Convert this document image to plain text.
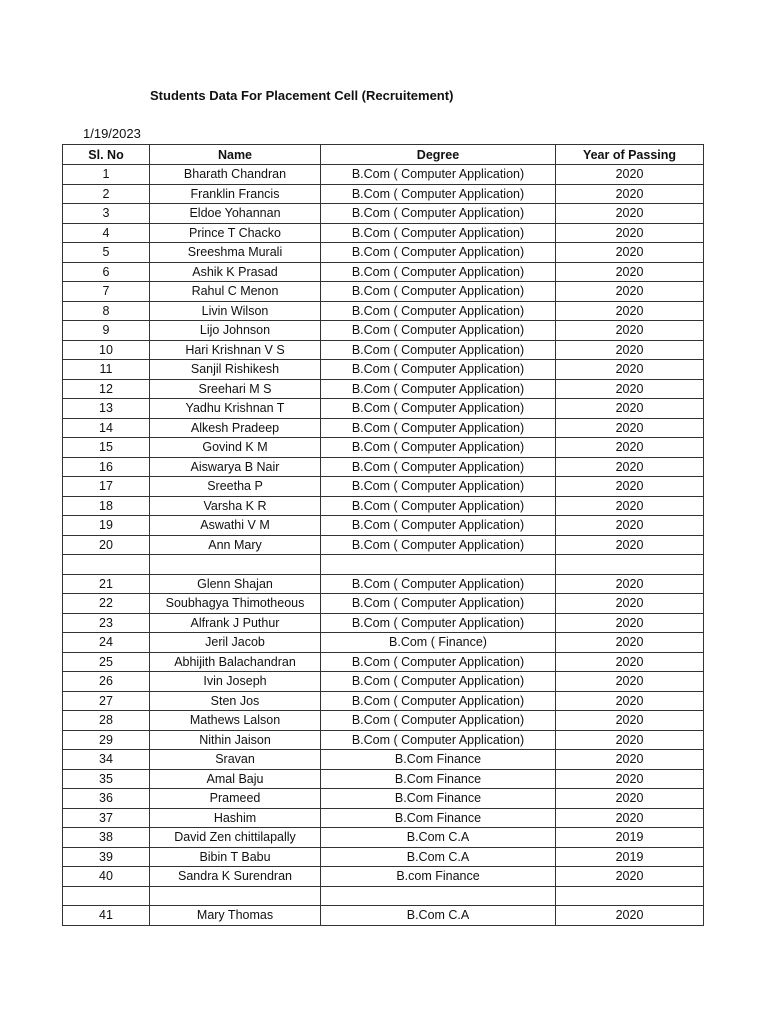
Students Data For Placement Cell (Recruitement)
1/19/2023
Sl. No	Name	Degree	Year of Passing
1	Bharath Chandran	B.Com ( Computer Application)	2020
2	Franklin Francis	B.Com ( Computer Application)	2020
3	Eldoe Yohannan	B.Com ( Computer Application)	2020
4	Prince T Chacko	B.Com ( Computer Application)	2020
5	Sreeshma Murali	B.Com ( Computer Application)	2020
6	Ashik K Prasad	B.Com ( Computer Application)	2020
7	Rahul C Menon	B.Com ( Computer Application)	2020
8	Livin Wilson	B.Com ( Computer Application)	2020
9	Lijo Johnson	B.Com ( Computer Application)	2020
10	Hari Krishnan V S	B.Com ( Computer Application)	2020
11	Sanjil Rishikesh	B.Com ( Computer Application)	2020
12	Sreehari M S	B.Com ( Computer Application)	2020
13	Yadhu Krishnan T	B.Com ( Computer Application)	2020
14	Alkesh Pradeep	B.Com ( Computer Application)	2020
15	Govind K M	B.Com ( Computer Application)	2020
16	Aiswarya B Nair	B.Com ( Computer Application)	2020
17	Sreetha P	B.Com ( Computer Application)	2020
18	Varsha K R	B.Com ( Computer Application)	2020
19	Aswathi V M	B.Com ( Computer Application)	2020
20	Ann Mary	B.Com ( Computer Application)	2020

21	Glenn Shajan	B.Com ( Computer Application)	2020
22	Soubhagya Thimotheous	B.Com ( Computer Application)	2020
23	Alfrank J Puthur	B.Com ( Computer Application)	2020
24	Jeril Jacob	B.Com ( Finance)	2020
25	Abhijith Balachandran	B.Com ( Computer Application)	2020
26	Ivin Joseph	B.Com ( Computer Application)	2020
27	Sten Jos	B.Com ( Computer Application)	2020
28	Mathews Lalson	B.Com ( Computer Application)	2020
29	Nithin Jaison	B.Com ( Computer Application)	2020
34	Sravan	B.Com Finance	2020
35	Amal Baju	B.Com Finance	2020
36	Prameed	B.Com Finance	2020
37	Hashim	B.Com Finance	2020
38	David Zen chittilapally	B.Com C.A	2019
39	Bibin T Babu	B.Com C.A	2019
40	Sandra K Surendran	B.com Finance	2020

41	Mary Thomas	B.Com C.A	2020
